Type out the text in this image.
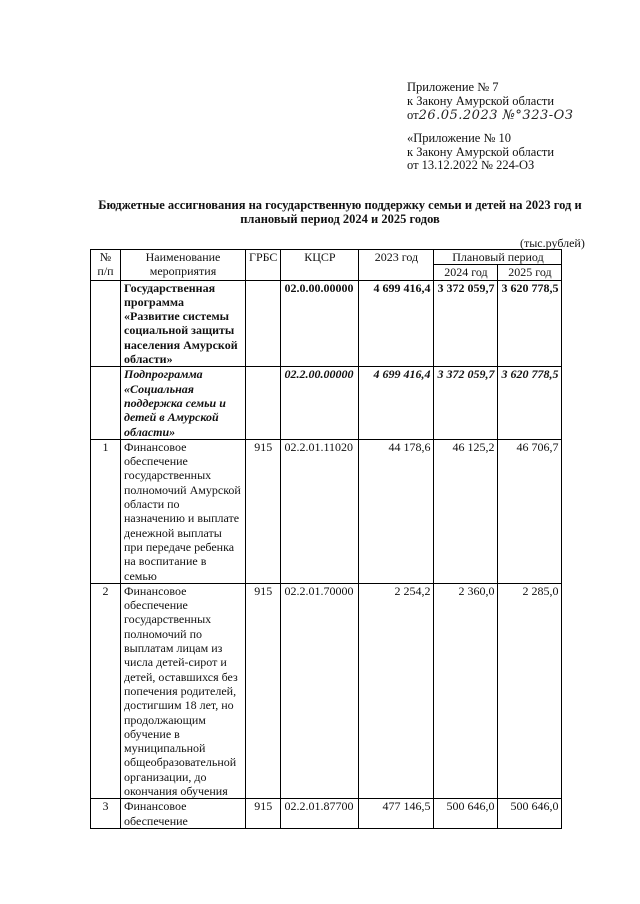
Приложение № 7
к Закону Амурской области
от26.05.2023 №°323-ОЗ
«Приложение № 10
к Закону Амурской области
от 13.12.2022 № 224-ОЗ
Бюджетные ассигнования на государственную поддержку семьи и детей на 2023 год и
плановый период 2024 и 2025 годов
(тыс.рублей)
№ п/п	Наименование мероприятия	ГРБС	КЦСР	2023 год	Плановый период	
					2024 год	2025 год
	Государственная программа «Развитие системы социальной защиты населения Амурской области»		02.0.00.00000	4 699 416,4	3 372 059,7	3 620 778,5
	Подпрограмма «Социальная поддержка семьи и детей в Амурской области»		02.2.00.00000	4 699 416,4	3 372 059,7	3 620 778,5
1	Финансовое обеспечение государственных полномочий Амурской области по назначению и выплате денежной выплаты при передаче ребенка на воспитание в семью	915	02.2.01.11020	44 178,6	46 125,2	46 706,7
2	Финансовое обеспечение государственных полномочий по выплатам лицам из числа детей-сирот и детей, оставшихся без попечения родителей, достигшим 18 лет, но продолжающим обучение в муниципальной общеобразовательной организации, до окончания обучения	915	02.2.01.70000	2 254,2	2 360,0	2 285,0
3	Финансовое обеспечение	915	02.2.01.87700	477 146,5	500 646,0	500 646,0
